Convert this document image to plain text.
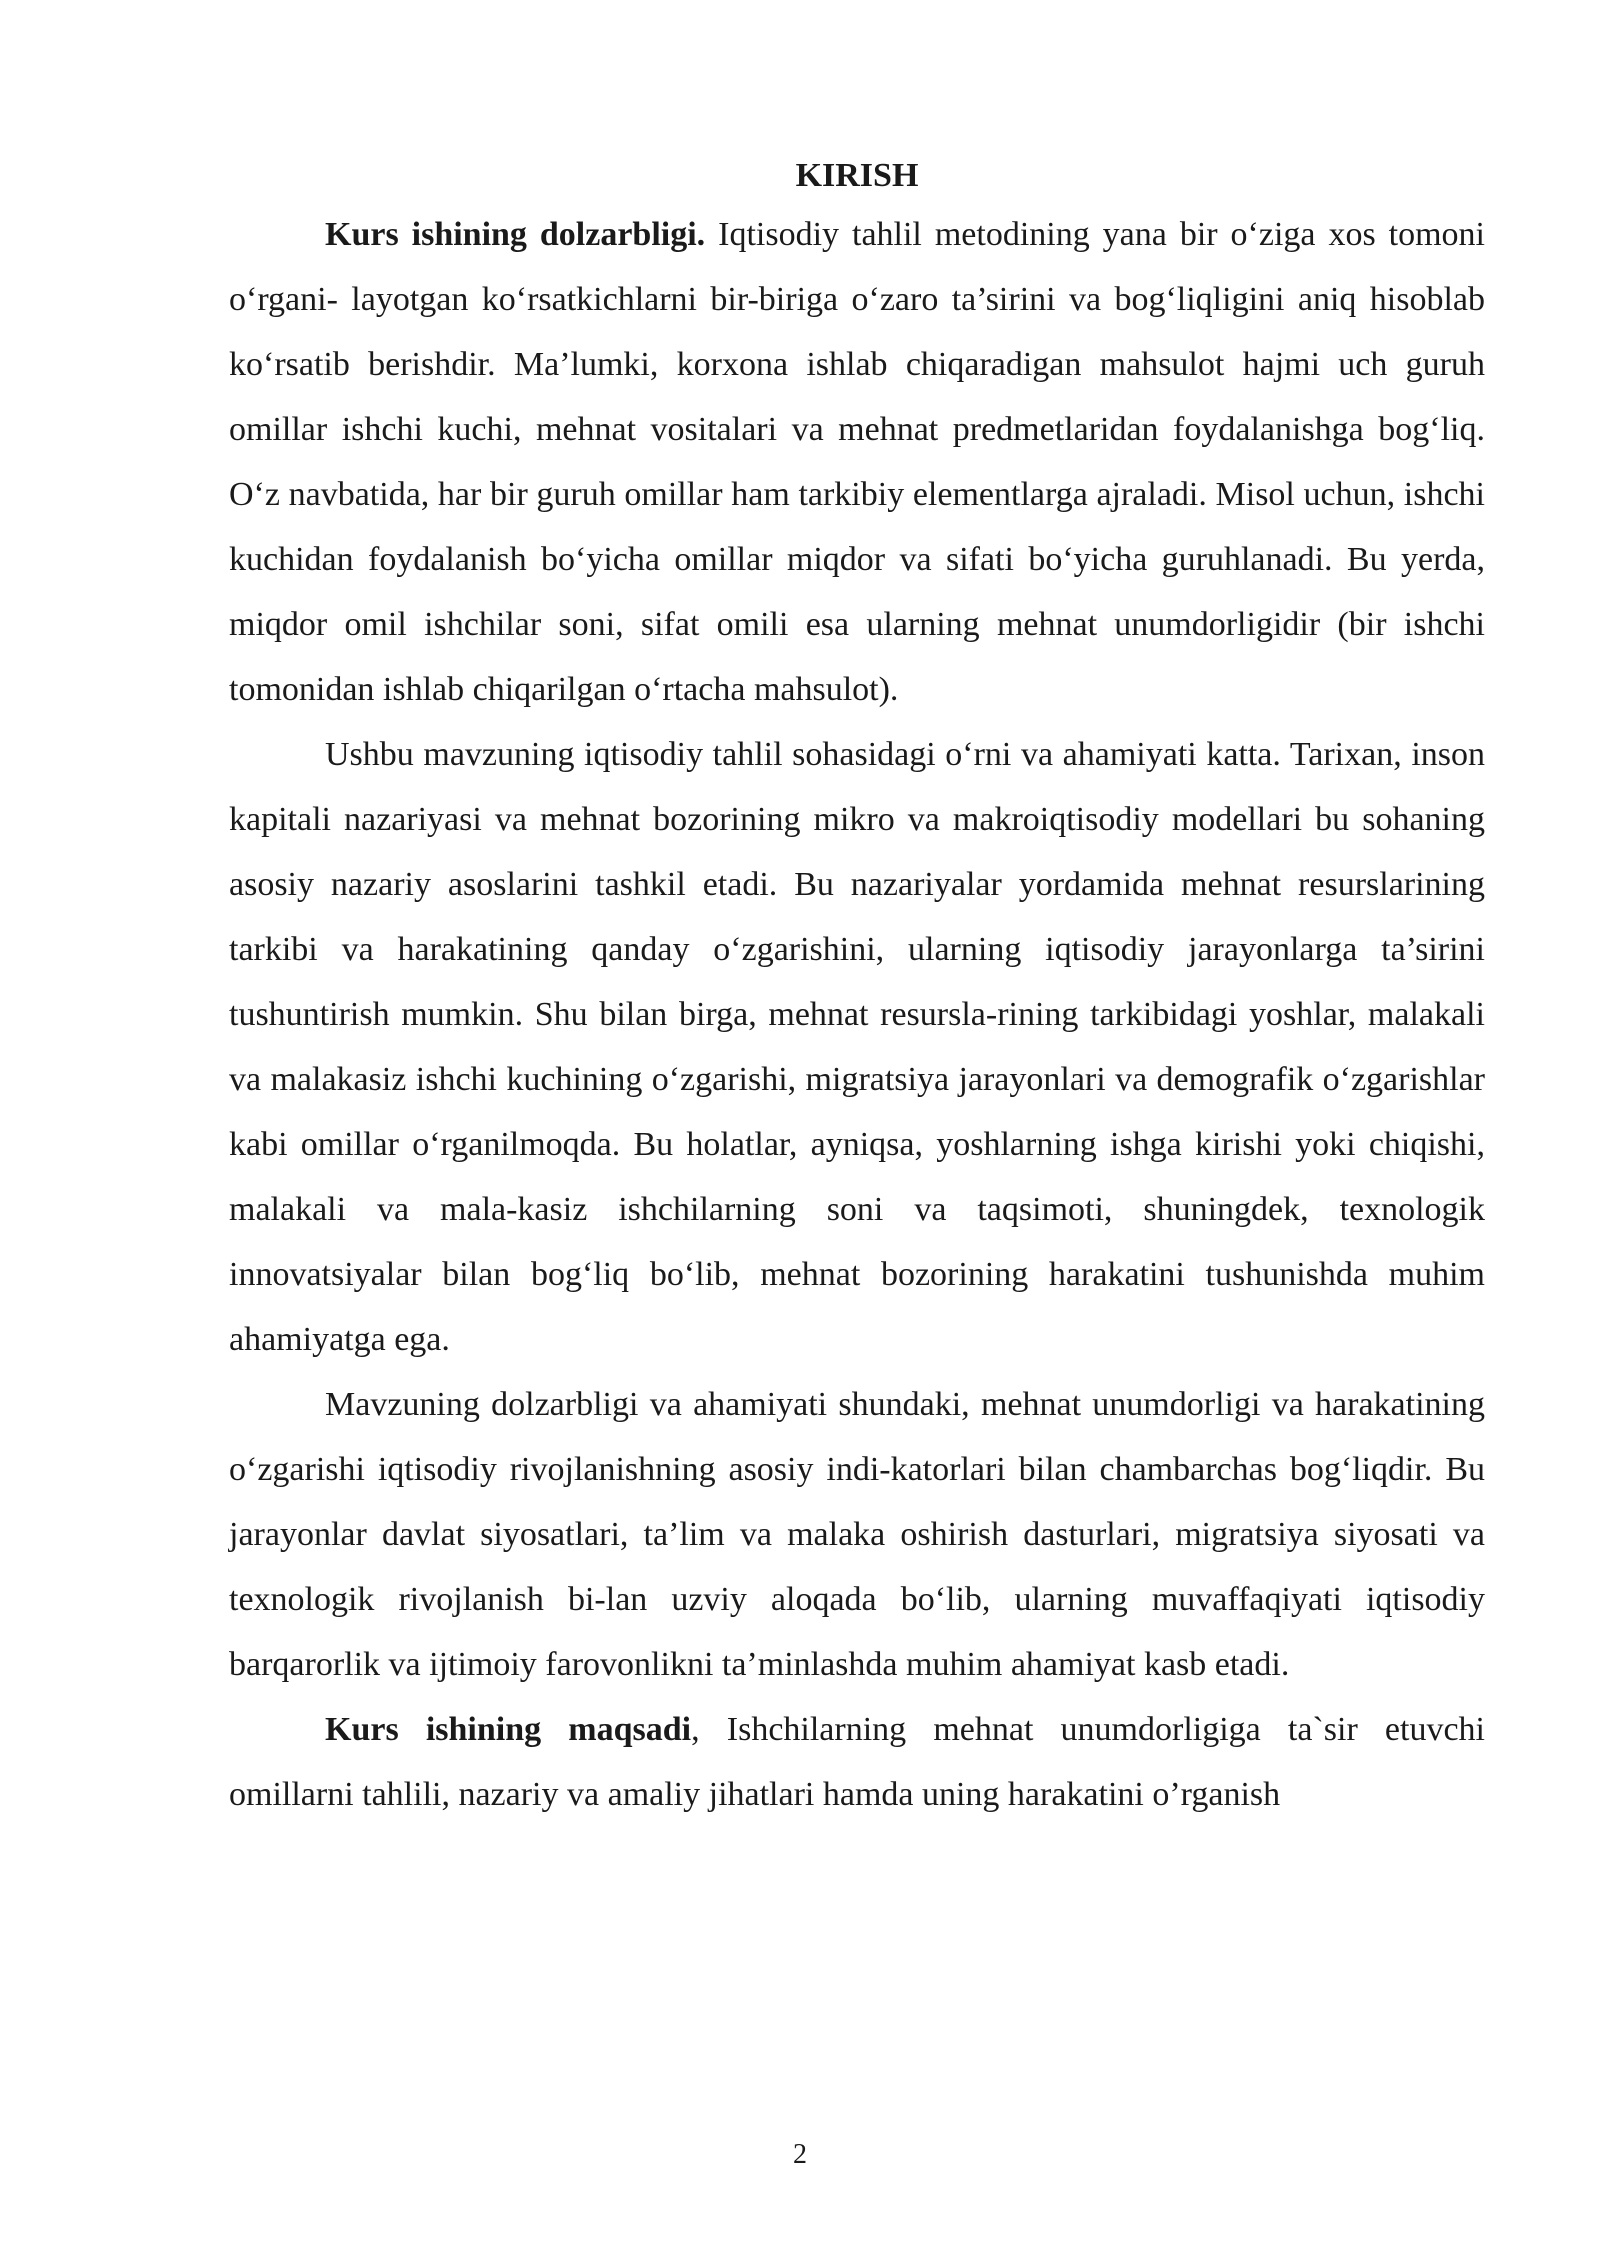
KIRISH

Kurs ishining dolzarbligi. Iqtisodiy tahlil metodining yana bir o‘ziga xos tomoni o‘rgani- layotgan ko‘rsatkichlarni bir-biriga o‘zaro ta’sirini va bog‘liqligini aniq hisoblab ko‘rsatib berishdir. Ma’lumki, korxona ishlab chiqaradigan mahsulot hajmi uch guruh omillar ishchi kuchi, mehnat vositalari va mehnat predmetlaridan foydalanishga bog‘liq. O‘z navbatida, har bir guruh omillar ham tarkibiy elementlarga ajraladi. Misol uchun, ishchi kuchidan foydalanish bo‘yicha omillar miqdor va sifati bo‘yicha guruhlanadi. Bu yerda, miqdor omil ishchilar soni, sifat omili esa ularning mehnat unumdorligidir (bir ishchi tomonidan ishlab chiqarilgan o‘rtacha mahsulot).

Ushbu mavzuning iqtisodiy tahlil sohasidagi o‘rni va ahamiyati katta. Tarixan, inson kapitali nazariyasi va mehnat bozorining mikro va makroiqtisodiy modellari bu sohaning asosiy nazariy asoslarini tashkil etadi. Bu nazariyalar yordamida mehnat resurslarining tarkibi va harakatining qanday o‘zgarishini, ularning iqtisodiy jarayonlarga ta’sirini tushuntirish mumkin. Shu bilan birga, mehnat resursla-rining tarkibidagi yoshlar, malakali va malakasiz ishchi kuchining o‘zgarishi, migratsiya jarayonlari va demografik o‘zgarishlar kabi omillar o‘rganilmoqda. Bu holatlar, ayniqsa, yoshlarning ishga kirishi yoki chiqishi, malakali va mala-kasiz ishchilarning soni va taqsimoti, shuningdek, texnologik innovatsiyalar bilan bog‘liq bo‘lib, mehnat bozorining harakatini tushunishda muhim ahamiyatga ega.

Mavzuning dolzarbligi va ahamiyati shundaki, mehnat unumdorligi va harakatining o‘zgarishi iqtisodiy rivojlanishning asosiy indi-katorlari bilan chambarchas bog‘liqdir. Bu jarayonlar davlat siyosatlari, ta’lim va malaka oshirish dasturlari, migratsiya siyosati va texnologik rivojlanish bi-lan uzviy aloqada bo‘lib, ularning muvaffaqiyati iqtisodiy barqarorlik va ijtimoiy farovonlikni ta’minlashda muhim ahamiyat kasb etadi.

Kurs ishining maqsadi, Ishchilarning mehnat unumdorligiga ta`sir etuvchi omillarni tahlili, nazariy va amaliy jihatlari hamda uning harakatini o’rganish

2
